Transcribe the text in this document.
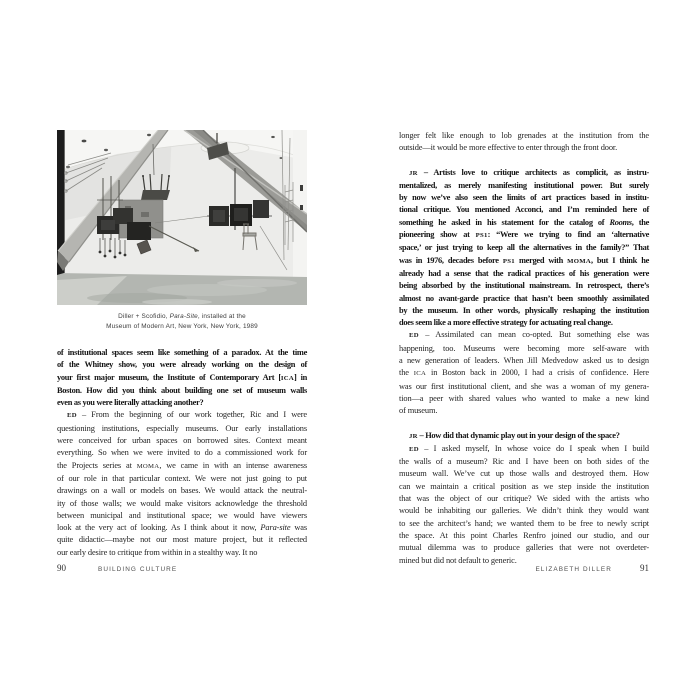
Diller + Scofidio, Para-Site, installed at the
Museum of Modern Art, New York, New York, 1989
of institutional spaces seem like something of a paradox. At the time
of the Whitney show, you were already working on the design of
your first major museum, the Institute of Contemporary Art [ICA] in
Boston. How did you think about building one set of museum walls
even as you were literally attacking another?
ED – From the beginning of our work together, Ric and I were
questioning institutions, especially museums. Our early installations
were conceived for urban spaces on borrowed sites. Context meant
everything. So when we were invited to do a commissioned work for
the Projects series at MOMA, we came in with an intense awareness
of our role in that particular context. We were not just going to put
drawings on a wall or models on bases. We would attack the neutral-
ity of those walls; we would make visitors acknowledge the threshold
between municipal and institutional space; we would have viewers
look at the very act of looking. As I think about it now, Para-site was
quite didactic—maybe not our most mature project, but it reflected
our early desire to critique from within in a stealthy way. It no
90	BUILDING CULTURE
longer felt like enough to lob grenades at the institution from the
outside—it would be more effective to enter through the front door.
JR – Artists love to critique architects as complicit, as instru-
mentalized, as merely manifesting institutional power. But surely
by now we’ve also seen the limits of art practices based in institu-
tional critique. You mentioned Acconci, and I’m reminded here of
something he asked in his statement for the catalog of Rooms, the
pioneering show at PS1: “Were we trying to find an ‘alternative
space,’ or just trying to keep all the alternatives in the family?” That
was in 1976, decades before PS1 merged with MOMA, but I think he
already had a sense that the radical practices of his generation were
being absorbed by the institutional mainstream. In retrospect, there’s
almost no avant-garde practice that hasn’t been smoothly assimilated
by the museum. In other words, physically reshaping the institution
does seem like a more effective strategy for actuating real change.
ED – Assimilated can mean co-opted. But something else was
happening, too. Museums were becoming more self-aware with
a new generation of leaders. When Jill Medvedow asked us to design
the ICA in Boston back in 2000, I had a crisis of confidence. Here
was our first institutional client, and she was a woman of my genera-
tion—a peer with shared values who wanted to make a new kind
of museum.
JR – How did that dynamic play out in your design of the space?
ED – I asked myself, In whose voice do I speak when I build
the walls of a museum? Ric and I have been on both sides of the
museum wall. We’ve cut up those walls and destroyed them. How
can we maintain a critical position as we step inside the institution
that was the object of our critique? We sided with the artists who
would be inhabiting our galleries. We didn’t think they would want
to see the architect’s hand; we wanted them to be free to newly script
the space. At this point Charles Renfro joined our studio, and our
mutual dilemma was to produce galleries that were not overdeter-
mined but did not default to generic.
ELIZABETH DILLER	91
